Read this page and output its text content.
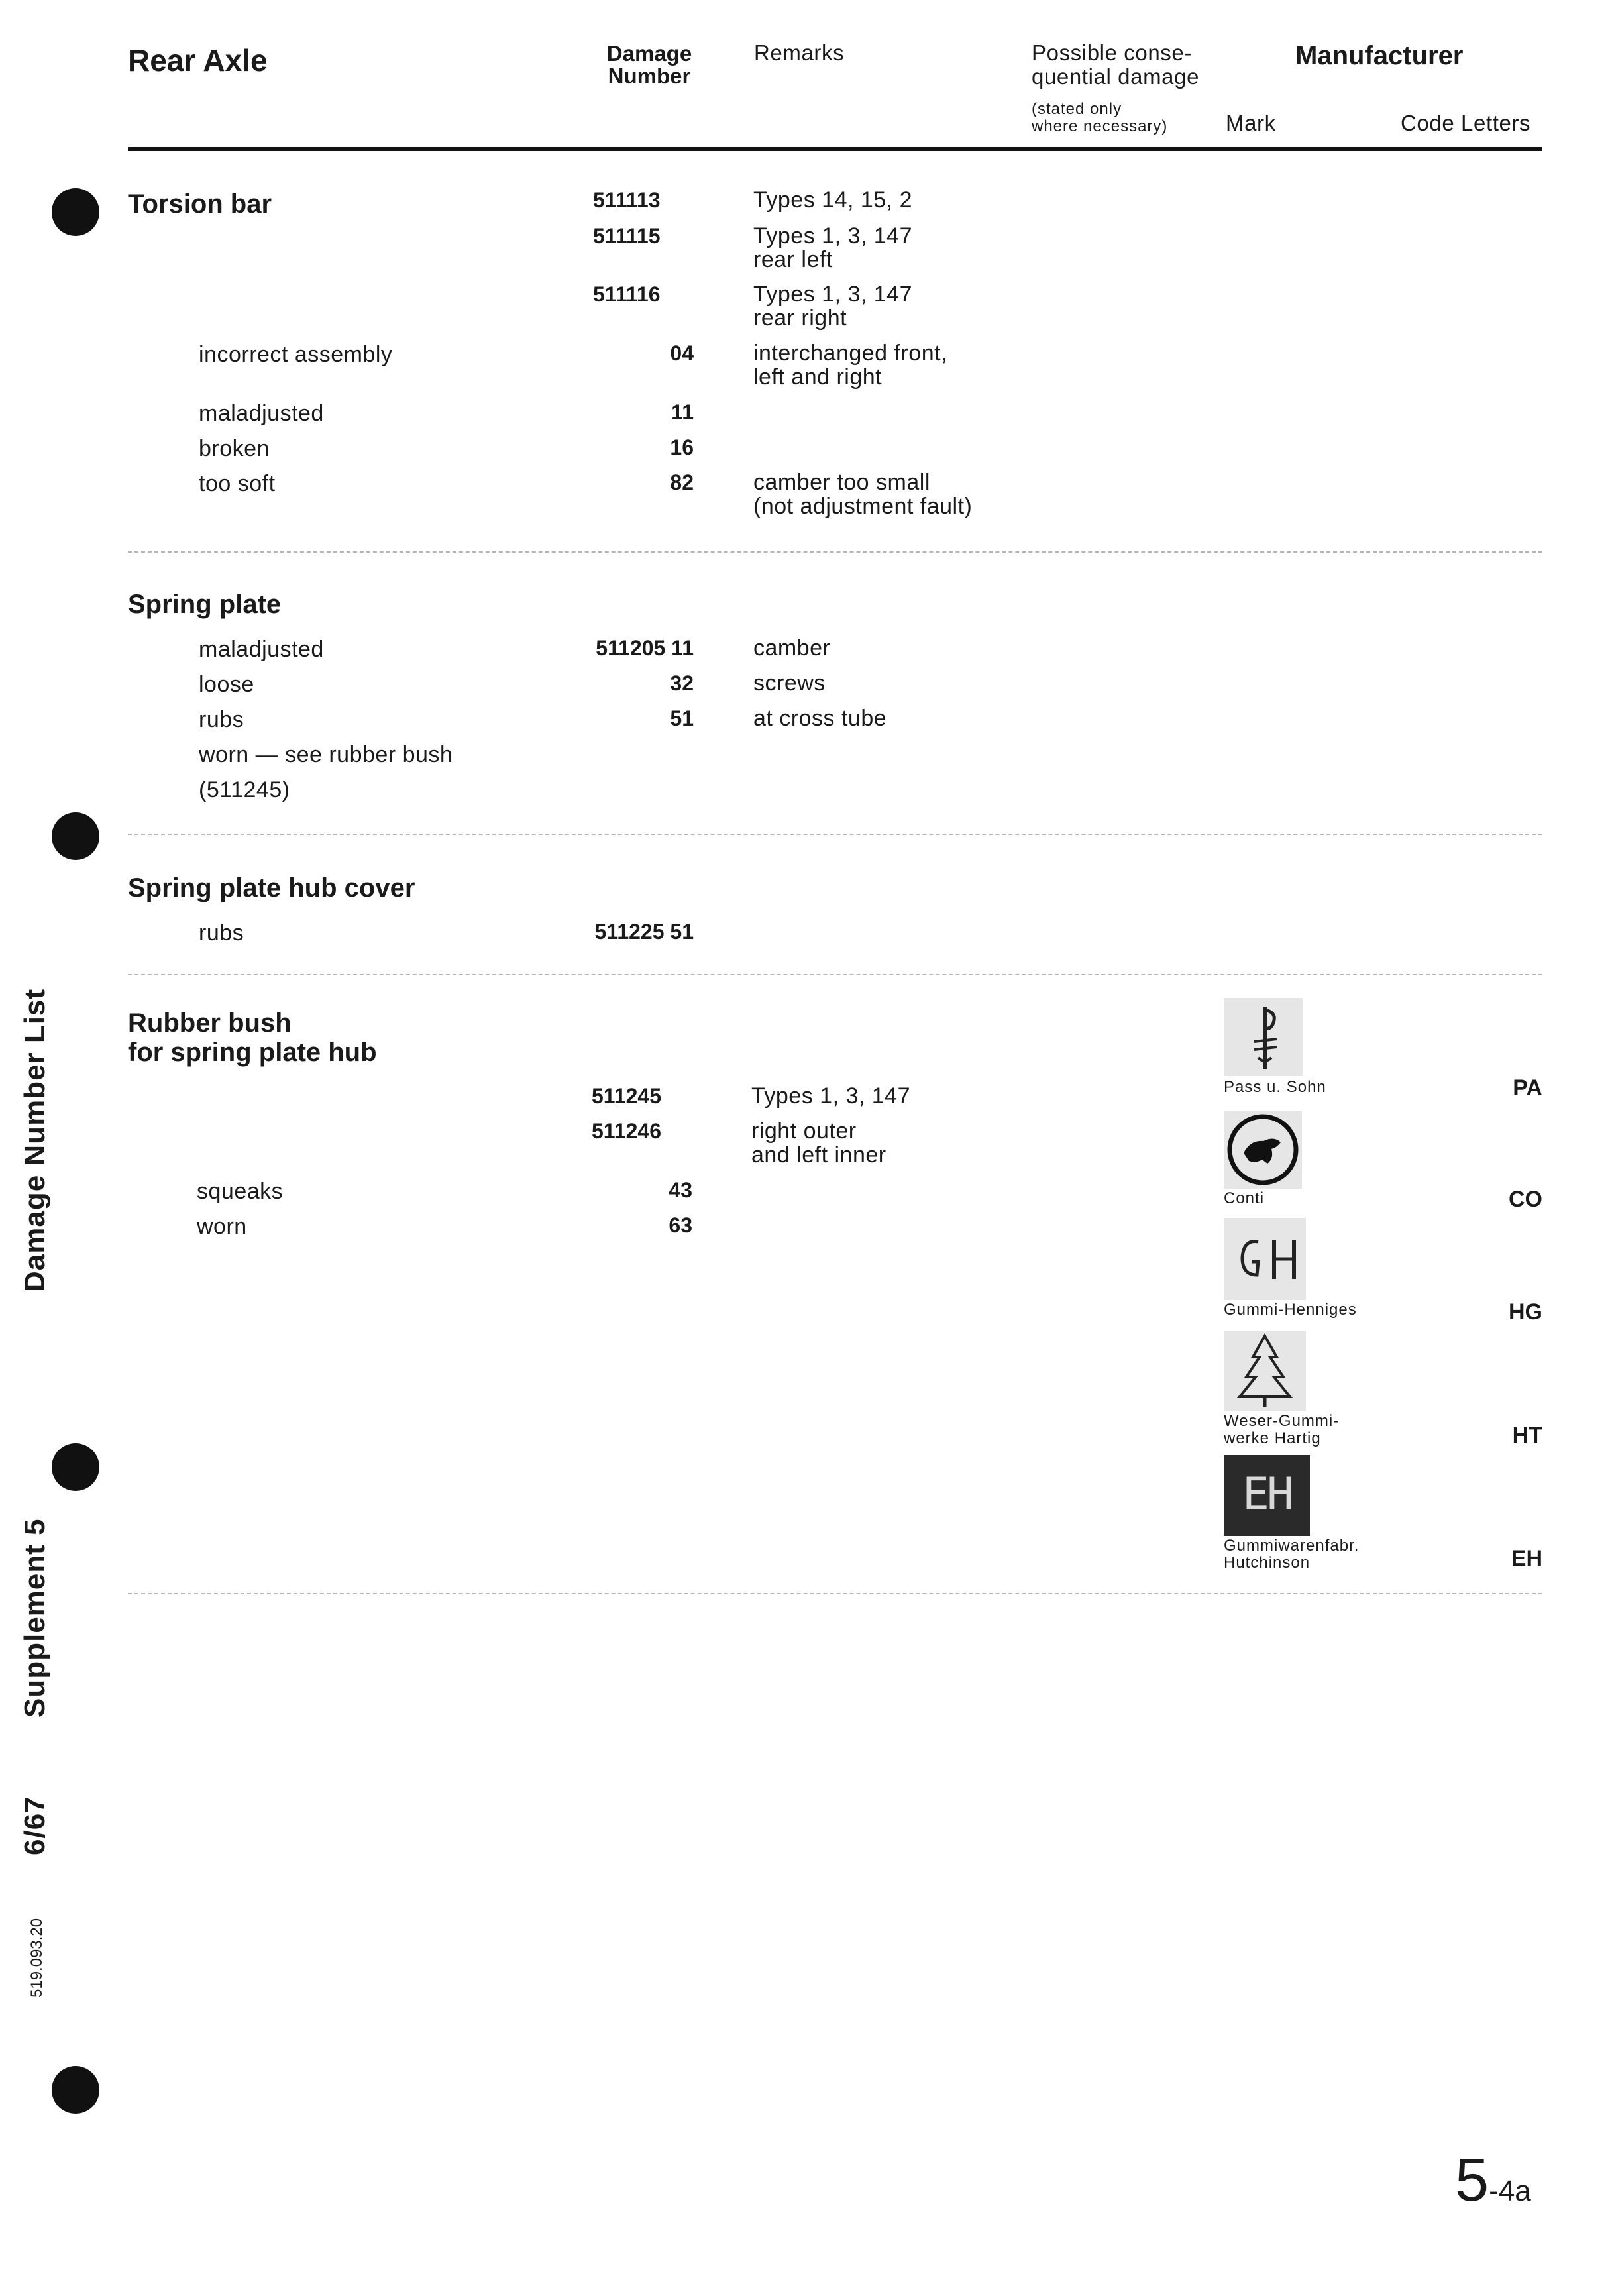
Damage Number List
Supplement 5
6/67
519.093.20
Rear Axle	Damage
Number
Remarks	Possible conse-
quential damage
(stated only
where necessary)
Manufacturer
Mark	Code Letters
Torsion bar	511113	Types 14, 15, 2
511115	Types 1, 3, 147
rear left
511116	Types 1, 3, 147
rear right
incorrect assembly	04	interchanged front,
left and right
maladjusted	11
broken	16
too soft	82	camber too small
(not adjustment fault)
Spring plate
maladjusted	511205 11	camber
loose	32	screws
rubs	51	at cross tube
worn — see rubber bush
(511245)
Spring plate hub cover
rubs	511225 51
Rubber bush
for spring plate hub
511245	Types 1, 3, 147
511246	right outer
and left inner
squeaks	43
worn	63
Pass u. Sohn	PA
Conti	CO
Gummi-Henniges	HG
Weser-Gummi-
werke Hartig	HT
EH
Gummiwarenfabr.
Hutchinson	EH
5-4a
